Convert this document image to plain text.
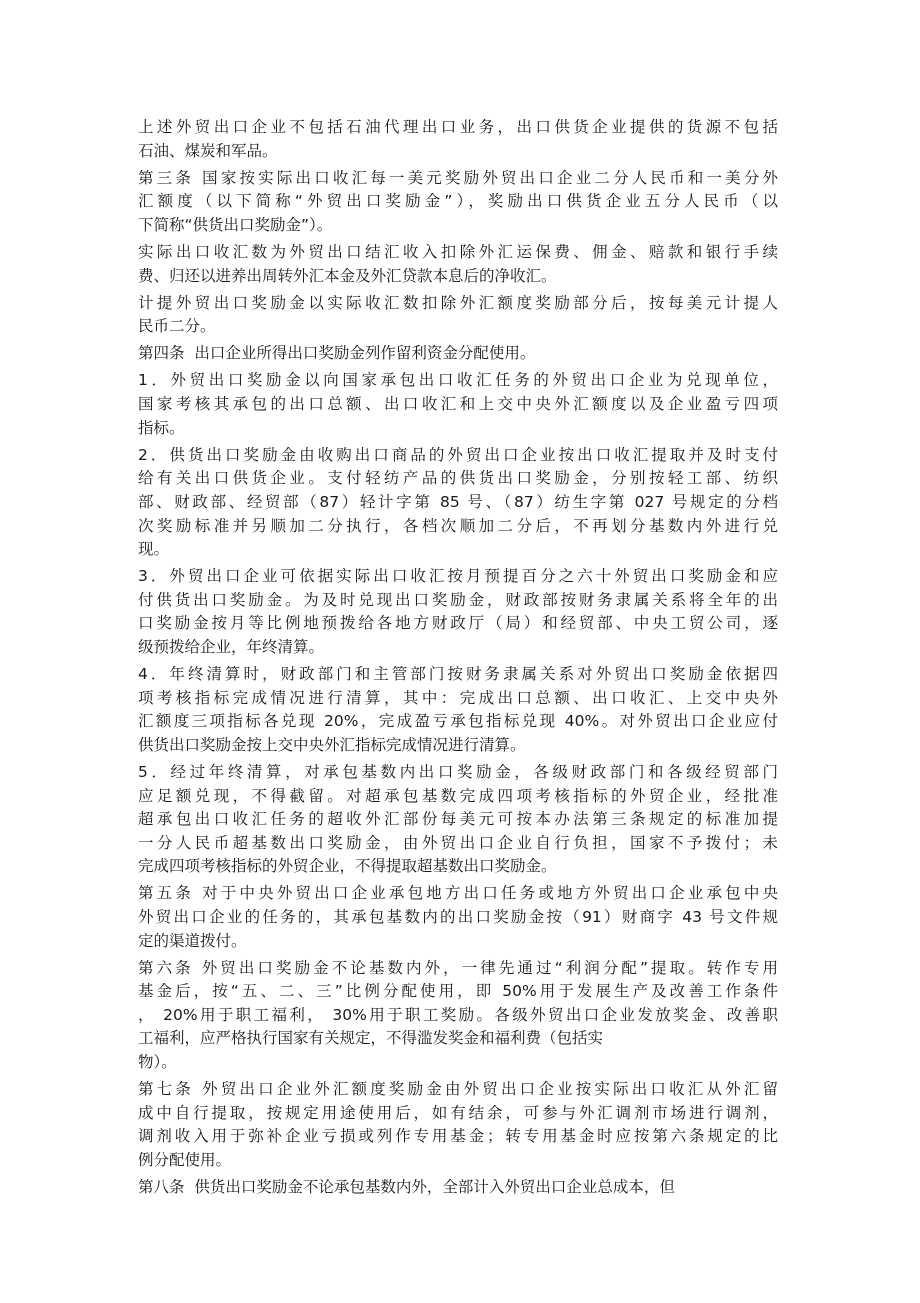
上述外贸出口企业不包括石油代理出口业务，出口供货企业提供的货源不包括
石油、煤炭和军品。
第三条 国家按实际出口收汇每一美元奖励外贸出口企业二分人民币和一美分外
汇额度（以下简称“外贸出口奖励金”），奖励出口供货企业五分人民币（以
下简称“供货出口奖励金”）。
实际出口收汇数为外贸出口结汇收入扣除外汇运保费、佣金、赔款和银行手续
费、归还以进养出周转外汇本金及外汇贷款本息后的净收汇。
计提外贸出口奖励金以实际收汇数扣除外汇额度奖励部分后，按每美元计提人
民币二分。
第四条  出口企业所得出口奖励金列作留利资金分配使用。
1．外贸出口奖励金以向国家承包出口收汇任务的外贸出口企业为兑现单位，
国家考核其承包的出口总额、出口收汇和上交中央外汇额度以及企业盈亏四项
指标。
2．供货出口奖励金由收购出口商品的外贸出口企业按出口收汇提取并及时支付
给有关出口供货企业。支付轻纺产品的供货出口奖励金，分别按轻工部、纺织
部、财政部、经贸部（87）轻计字第 85 号、（87）纺生字第 027 号规定的分档
次奖励标准并另顺加二分执行，各档次顺加二分后，不再划分基数内外进行兑
现。
3．外贸出口企业可依据实际出口收汇按月预提百分之六十外贸出口奖励金和应
付供货出口奖励金。为及时兑现出口奖励金，财政部按财务隶属关系将全年的出
口奖励金按月等比例地预拨给各地方财政厅（局）和经贸部、中央工贸公司，逐
级预拨给企业，年终清算。
4．年终清算时，财政部门和主管部门按财务隶属关系对外贸出口奖励金依据四
项考核指标完成情况进行清算，其中：完成出口总额、出口收汇、上交中央外
汇额度三项指标各兑现 20%，完成盈亏承包指标兑现 40%。对外贸出口企业应付
供货出口奖励金按上交中央外汇指标完成情况进行清算。
5．经过年终清算，对承包基数内出口奖励金，各级财政部门和各级经贸部门
应足额兑现，不得截留。对超承包基数完成四项考核指标的外贸企业，经批准
超承包出口收汇任务的超收外汇部份每美元可按本办法第三条规定的标准加提
一分人民币超基数出口奖励金，由外贸出口企业自行负担，国家不予拨付；未
完成四项考核指标的外贸企业，不得提取超基数出口奖励金。
第五条 对于中央外贸出口企业承包地方出口任务或地方外贸出口企业承包中央
外贸出口企业的任务的，其承包基数内的出口奖励金按（91）财商字 43 号文件规
定的渠道拨付。
第六条 外贸出口奖励金不论基数内外，一律先通过“利润分配”提取。转作专用
基金后，按“五、二、三”比例分配使用，即 50%用于发展生产及改善工作条件
， 20%用于职工福利， 30%用于职工奖励。各级外贸出口企业发放奖金、改善职
工福利，应严格执行国家有关规定，不得滥发奖金和福利费（包括实
物）。
第七条 外贸出口企业外汇额度奖励金由外贸出口企业按实际出口收汇从外汇留
成中自行提取，按规定用途使用后，如有结余，可参与外汇调剂市场进行调剂，
调剂收入用于弥补企业亏损或列作专用基金；转专用基金时应按第六条规定的比
例分配使用。
第八条  供货出口奖励金不论承包基数内外，全部计入外贸出口企业总成本，但
